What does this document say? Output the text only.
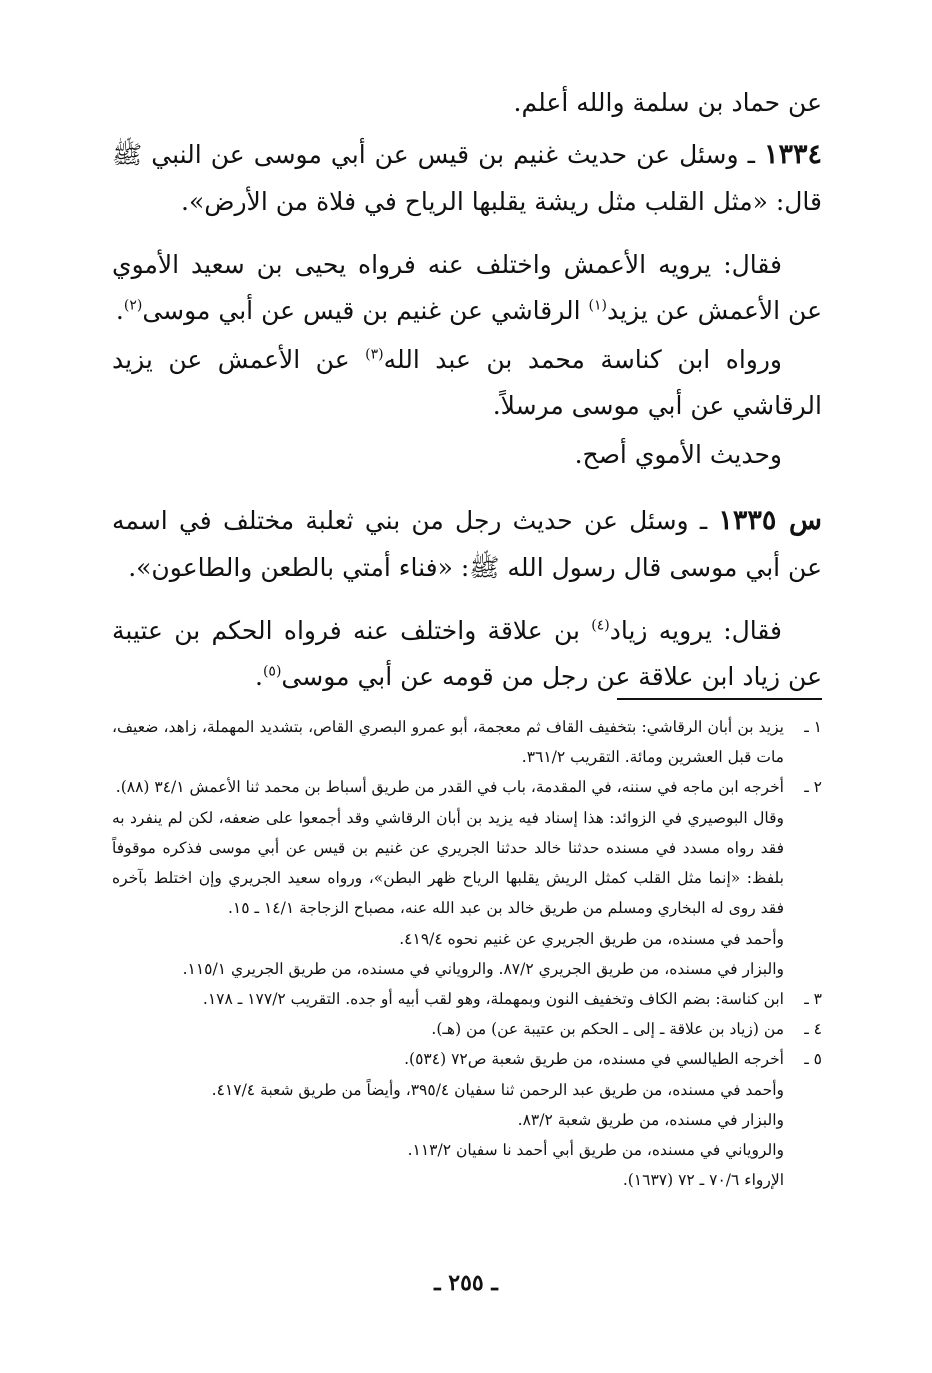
عن حماد بن سلمة والله أعلم.

١٣٣٤ ـ وسئل عن حديث غنيم بن قيس عن أبي موسى عن النبي ﷺ قال: «مثل القلب مثل ريشة يقلبها الرياح في فلاة من الأرض».

فقال: يرويه الأعمش واختلف عنه فرواه يحيى بن سعيد الأموي عن الأعمش عن يزيد$^{(١)}$ الرقاشي عن غنيم بن قيس عن أبي موسى$^{(٢)}$.

ورواه ابن كناسة محمد بن عبد الله$^{(٣)}$ عن الأعمش عن يزيد الرقاشي عن أبي موسى مرسلاً.

وحديث الأموي أصح.

س ١٣٣٥ ـ وسئل عن حديث رجل من بني ثعلبة مختلف في اسمه عن أبي موسى قال رسول الله ﷺ: «فناء أمتي بالطعن والطاعون».

فقال: يرويه زياد$^{(٤)}$ بن علاقة واختلف عنه فرواه الحكم بن عتيبة عن زياد ابن علاقة عن رجل من قومه عن أبي موسى$^{(٥)}$.

١ ـ
يزيد بن أبان الرقاشي: بتخفيف القاف ثم معجمة، أبو عمرو البصري القاص، بتشديد المهملة، زاهد، ضعيف، مات قبل العشرين ومائة. التقريب ٣٦١/٢.
٢ ـ
أخرجه ابن ماجه في سننه، في المقدمة، باب في القدر من طريق أسباط بن محمد ثنا الأعمش ٣٤/١ (٨٨).
وقال البوصيري في الزوائد: هذا إسناد فيه يزيد بن أبان الرقاشي وقد أجمعوا على ضعفه، لكن لم ينفرد به فقد رواه مسدد في مسنده حدثنا خالد حدثنا الجريري عن غنيم بن قيس عن أبي موسى فذكره موقوفاً بلفظ: «إنما مثل القلب كمثل الريش يقلبها الرياح ظهر البطن»، ورواه سعيد الجريري وإن اختلط بآخره فقد روى له البخاري ومسلم من طريق خالد بن عبد الله عنه، مصباح الزجاجة ١٤/١ ـ ١٥.
وأحمد في مسنده، من طريق الجريري عن غنيم نحوه ٤١٩/٤.
والبزار في مسنده، من طريق الجريري ٨٧/٢. والروياني في مسنده، من طريق الجريري ١١٥/١.
٣ ـ
ابن كناسة: بضم الكاف وتخفيف النون وبمهملة، وهو لقب أبيه أو جده. التقريب ١٧٧/٢ ـ ١٧٨.
٤ ـ
من (زياد بن علاقة ـ إلى ـ الحكم بن عتيبة عن) من (هـ).
٥ ـ
أخرجه الطيالسي في مسنده، من طريق شعبة ص٧٢ (٥٣٤).
وأحمد في مسنده، من طريق عبد الرحمن ثنا سفيان ٣٩٥/٤، وأيضاً من طريق شعبة ٤١٧/٤.
والبزار في مسنده، من طريق شعبة ٨٣/٢.
والروياني في مسنده، من طريق أبي أحمد نا سفيان ١١٣/٢.
الإرواء ٧٠/٦ ـ ٧٢ (١٦٣٧).
ـ ٢٥٥ ـ
